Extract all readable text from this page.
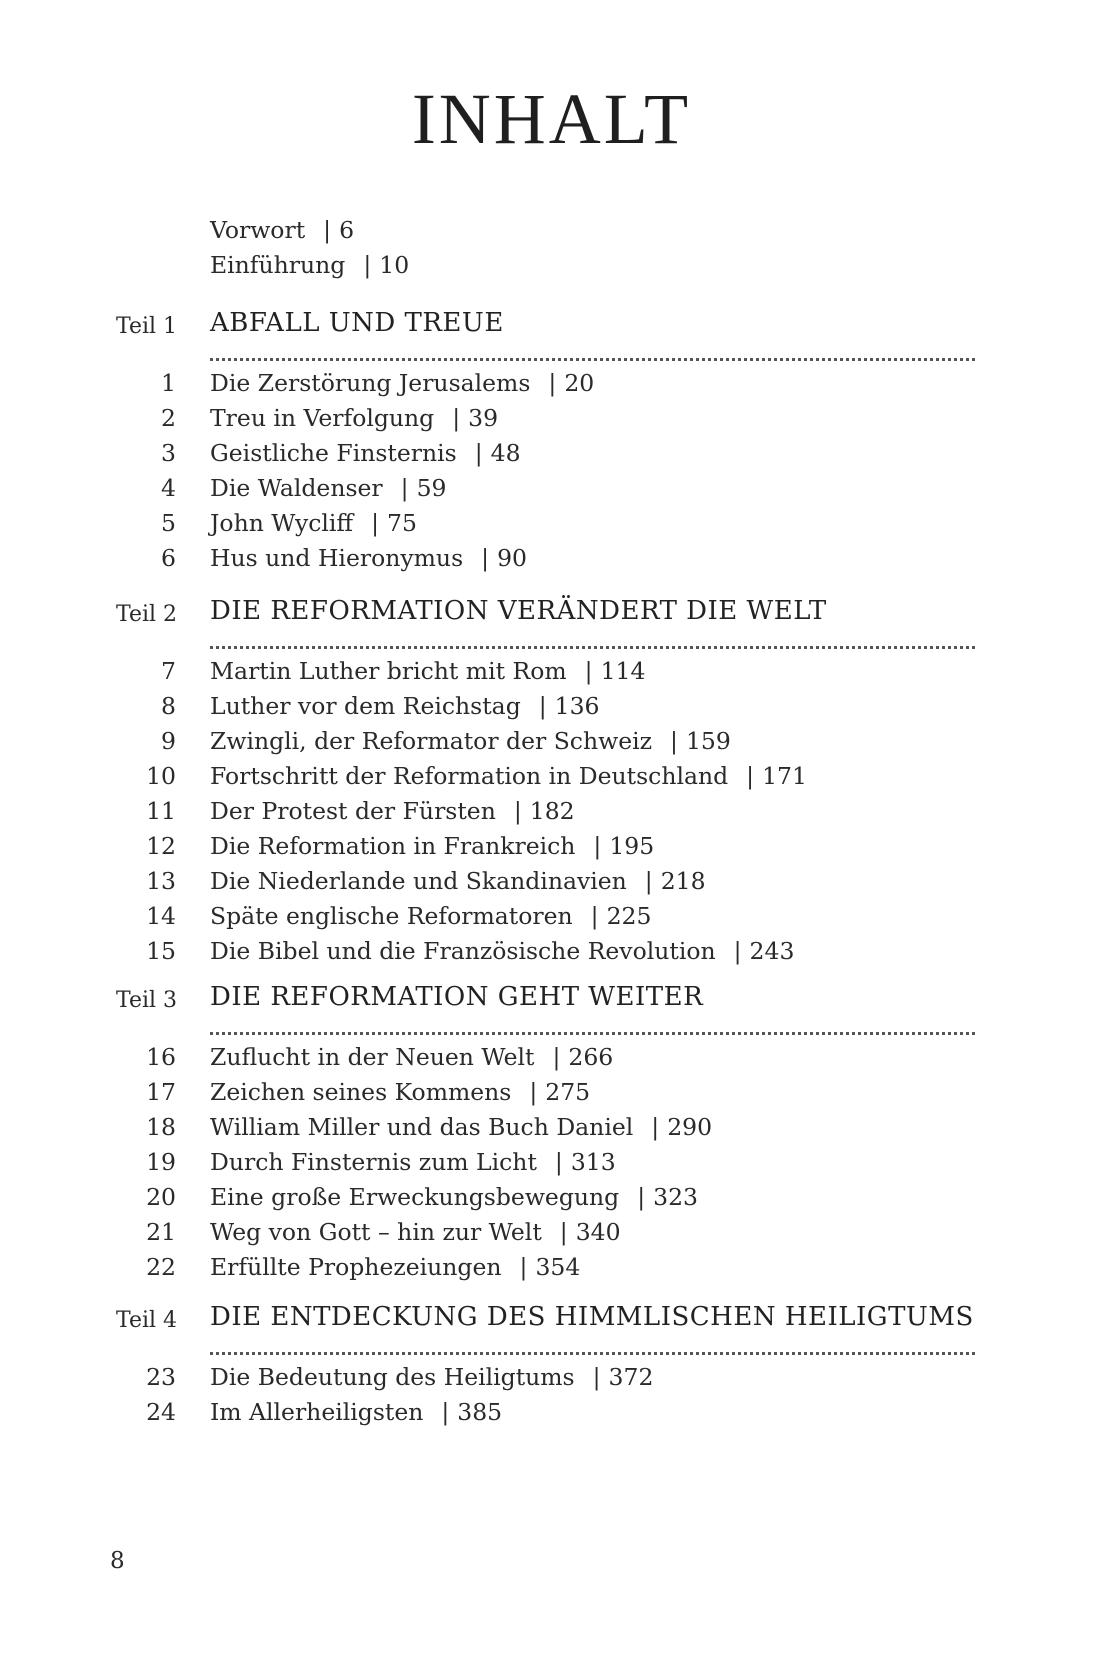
INHALT
Vorwort | 6
Einführung | 10
Teil 1 ABFALL UND TREUE
1 Die Zerstörung Jerusalems | 20
2 Treu in Verfolgung | 39
3 Geistliche Finsternis | 48
4 Die Waldenser | 59
5 John Wycliff | 75
6 Hus und Hieronymus | 90
Teil 2 DIE REFORMATION VERÄNDERT DIE WELT
7 Martin Luther bricht mit Rom | 114
8 Luther vor dem Reichstag | 136
9 Zwingli, der Reformator der Schweiz | 159
10 Fortschritt der Reformation in Deutschland | 171
11 Der Protest der Fürsten | 182
12 Die Reformation in Frankreich | 195
13 Die Niederlande und Skandinavien | 218
14 Späte englische Reformatoren | 225
15 Die Bibel und die Französische Revolution | 243
Teil 3 DIE REFORMATION GEHT WEITER
16 Zuflucht in der Neuen Welt | 266
17 Zeichen seines Kommens | 275
18 William Miller und das Buch Daniel | 290
19 Durch Finsternis zum Licht | 313
20 Eine große Erweckungsbewegung | 323
21 Weg von Gott – hin zur Welt | 340
22 Erfüllte Prophezeiungen | 354
Teil 4 DIE ENTDECKUNG DES HIMMLISCHEN HEILIGTUMS
23 Die Bedeutung des Heiligtums | 372
24 Im Allerheiligsten | 385
8
